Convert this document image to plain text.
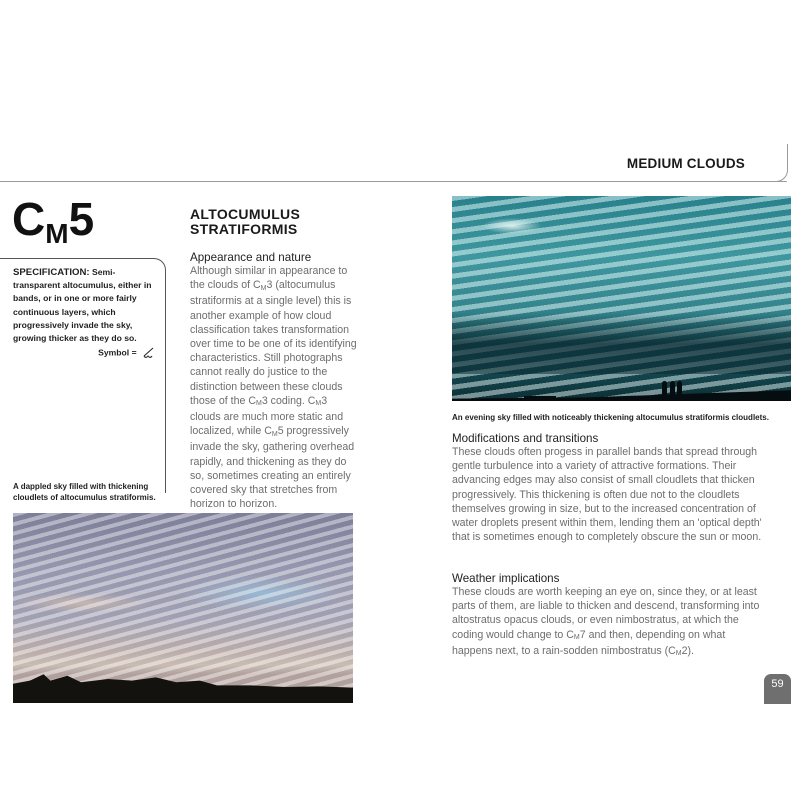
MEDIUM CLOUDS
CM5
SPECIFICATION: Semi-transparent altocumulus, either in bands, or in one or more fairly continuous layers, which progressively invade the sky, growing thicker as they do so.
Symbol =
ALTOCUMULUS
STRATIFORMIS
Appearance and nature
Although similar in appearance to the clouds of CM3 (altocumulus stratiformis at a single level) this is another example of how cloud classification takes transformation over time to be one of its identifying characteristics. Still photographs cannot really do justice to the distinction between these clouds those of the CM3 coding. CM3 clouds are much more static and localized, while CM5 progressively invade the sky, gathering overhead rapidly, and thickening as they do so, sometimes creating an entirely covered sky that stretches from horizon to horizon.
A dappled sky filled with thickening cloudlets of altocumulus stratiformis.
An evening sky filled with noticeably thickening altocumulus stratiformis cloudlets.
Modifications and transitions
These clouds often progess in parallel bands that spread through gentle turbulence into a variety of attractive formations. Their advancing edges may also consist of small cloudlets that thicken progressively. This thickening is often due not to the cloudlets themselves growing in size, but to the increased concentration of water droplets present within them, lending them an 'optical depth' that is sometimes enough to completely obscure the sun or moon.
Weather implications
These clouds are worth keeping an eye on, since they, or at least parts of them, are liable to thicken and descend, transforming into altostratus opacus clouds, or even nimbostratus, at which the coding would change to CM7 and then, depending on what happens next, to a rain-sodden nimbostratus (CM2).
59
